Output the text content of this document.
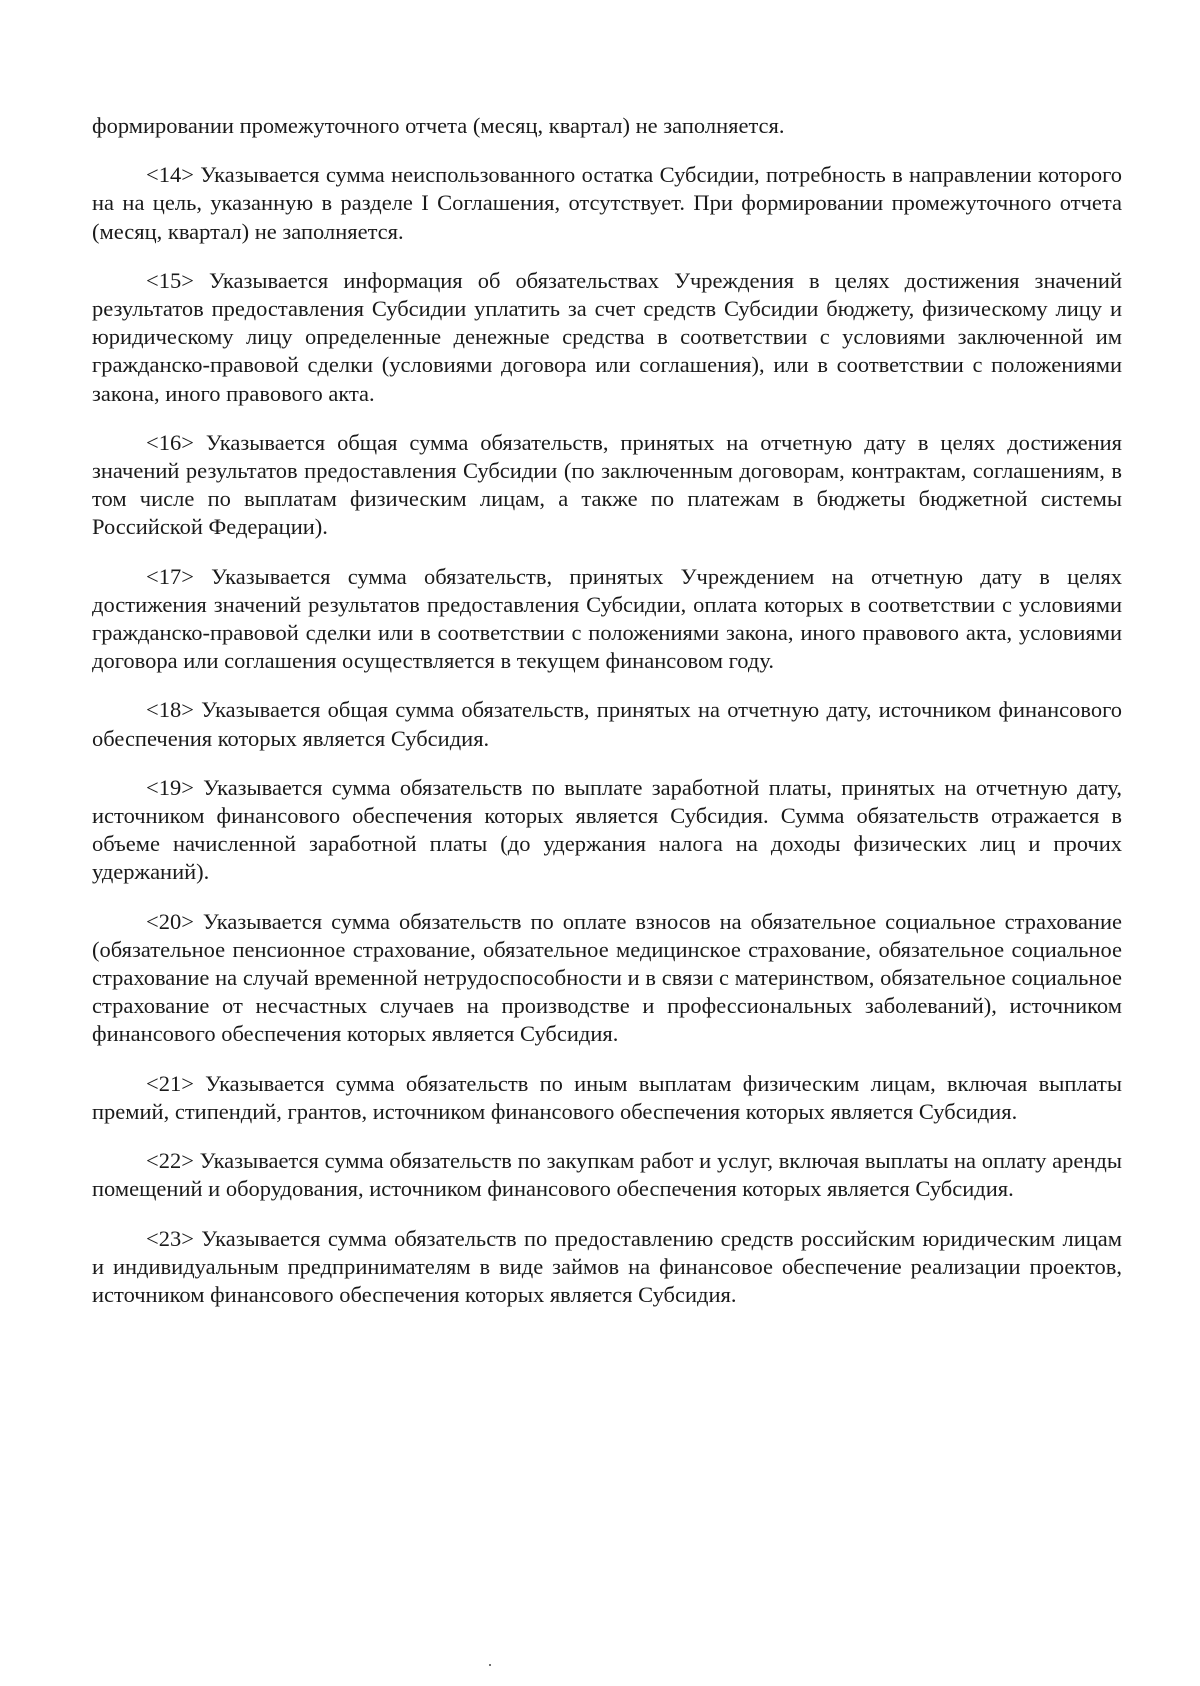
формировании промежуточного отчета (месяц, квартал) не заполняется.

<14> Указывается сумма неиспользованного остатка Субсидии, потребность в направлении которого на на цель, указанную в разделе I Соглашения, отсутствует. При формировании промежуточного отчета (месяц, квартал) не заполняется.

<15> Указывается информация об обязательствах Учреждения в целях достижения значений результатов предоставления Субсидии уплатить за счет средств Субсидии бюджету, физическому лицу и юридическому лицу определенные денежные средства в соответствии с условиями заключенной им гражданско-правовой сделки (условиями договора или соглашения), или в соответствии с положениями закона, иного правового акта.

<16> Указывается общая сумма обязательств, принятых на отчетную дату в целях достижения значений результатов предоставления Субсидии (по заключенным договорам, контрактам, соглашениям, в том числе по выплатам физическим лицам, а также по платежам в бюджеты бюджетной системы Российской Федерации).

<17> Указывается сумма обязательств, принятых Учреждением на отчетную дату в целях достижения значений результатов предоставления Субсидии, оплата которых в соответствии с условиями гражданско-правовой сделки или в соответствии с положениями закона, иного правового акта, условиями договора или соглашения осуществляется в текущем финансовом году.

<18> Указывается общая сумма обязательств, принятых на отчетную дату, источником финансового обеспечения которых является Субсидия.

<19> Указывается сумма обязательств по выплате заработной платы, принятых на отчетную дату, источником финансового обеспечения которых является Субсидия. Сумма обязательств отражается в объеме начисленной заработной платы (до удержания налога на доходы физических лиц и прочих удержаний).

<20> Указывается сумма обязательств по оплате взносов на обязательное социальное страхование (обязательное пенсионное страхование, обязательное медицинское страхование, обязательное социальное страхование на случай временной нетрудоспособности и в связи с материнством, обязательное социальное страхование от несчастных случаев на производстве и профессиональных заболеваний), источником финансового обеспечения которых является Субсидия.

<21> Указывается сумма обязательств по иным выплатам физическим лицам, включая выплаты премий, стипендий, грантов, источником финансового обеспечения которых является Субсидия.

<22> Указывается сумма обязательств по закупкам работ и услуг, включая выплаты на оплату аренды помещений и оборудования, источником финансового обеспечения которых является Субсидия.

<23> Указывается сумма обязательств по предоставлению средств российским юридическим лицам и индивидуальным предпринимателям в виде займов на финансовое обеспечение реализации проектов, источником финансового обеспечения которых является Субсидия.
